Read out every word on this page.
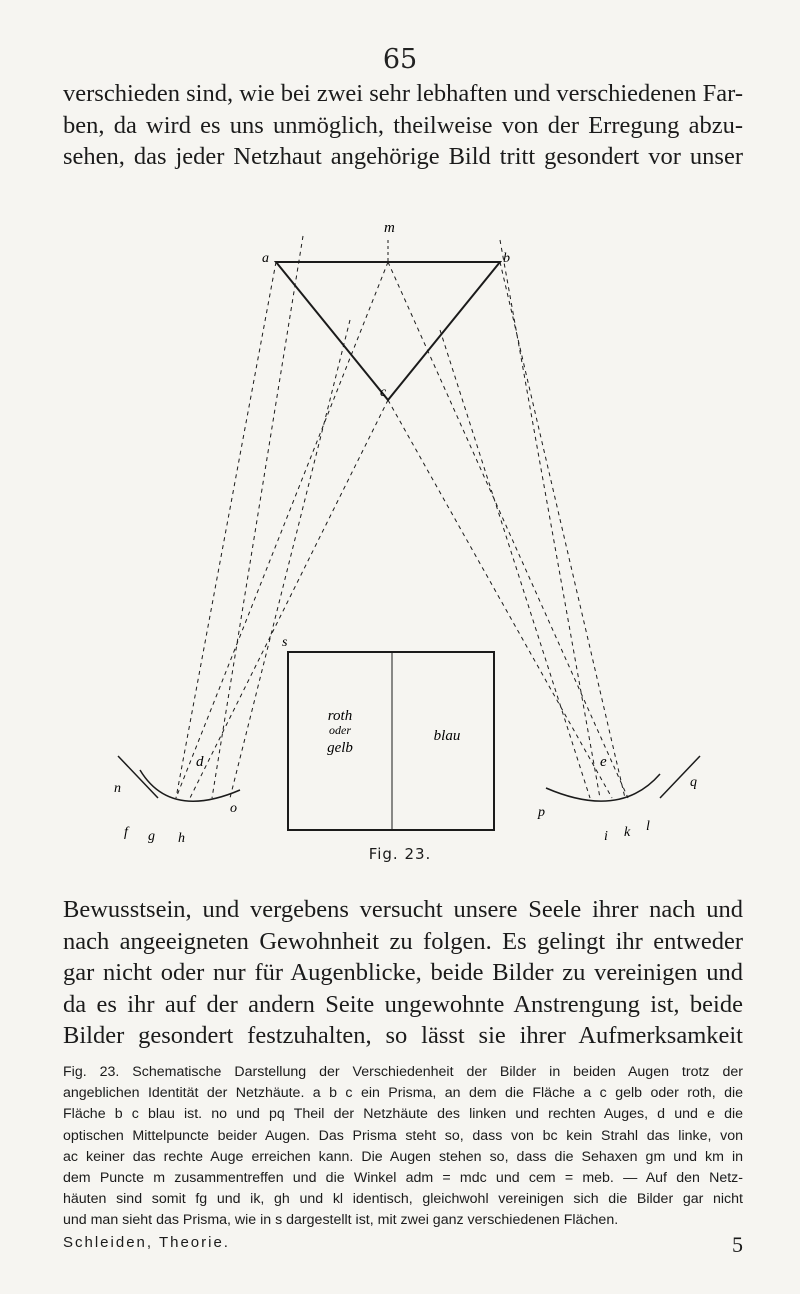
65
verschieden sind, wie bei zwei sehr lebhaften und verschiedenen Far-
ben, da wird es uns unmöglich, theilweise von der Erregung abzu-
sehen, das jeder Netzhaut angehörige Bild tritt gesondert vor unser
roth
oder
gelb
blau
m
a	b
c
s
d	e
n
o
f g h
p
q
i k l
Fig. 23.
Bewusstsein, und vergebens versucht unsere Seele ihrer nach und
nach angeeigneten Gewohnheit zu folgen. Es gelingt ihr entweder
gar nicht oder nur für Augenblicke, beide Bilder zu vereinigen und
da es ihr auf der andern Seite ungewohnte Anstrengung ist, beide
Bilder gesondert festzuhalten, so lässt sie ihrer Aufmerksamkeit
Fig. 23. Schematische Darstellung der Verschiedenheit der Bilder in beiden Augen trotz der
angeblichen Identität der Netzhäute. a b c ein Prisma, an dem die Fläche a c gelb oder roth, die
Fläche b c blau ist. no und pq Theil der Netzhäute des linken und rechten Auges, d und e die
optischen Mittelpuncte beider Augen. Das Prisma steht so, dass von bc kein Strahl das linke, von
ac keiner das rechte Auge erreichen kann. Die Augen stehen so, dass die Sehaxen gm und km in
dem Puncte m zusammentreffen und die Winkel adm = mdc und cem = meb. — Auf den Netz-
häuten sind somit fg und ik, gh und kl identisch, gleichwohl vereinigen sich die Bilder gar nicht
und man sieht das Prisma, wie in s dargestellt ist, mit zwei ganz verschiedenen Flächen.
Schleiden, Theorie.	5
